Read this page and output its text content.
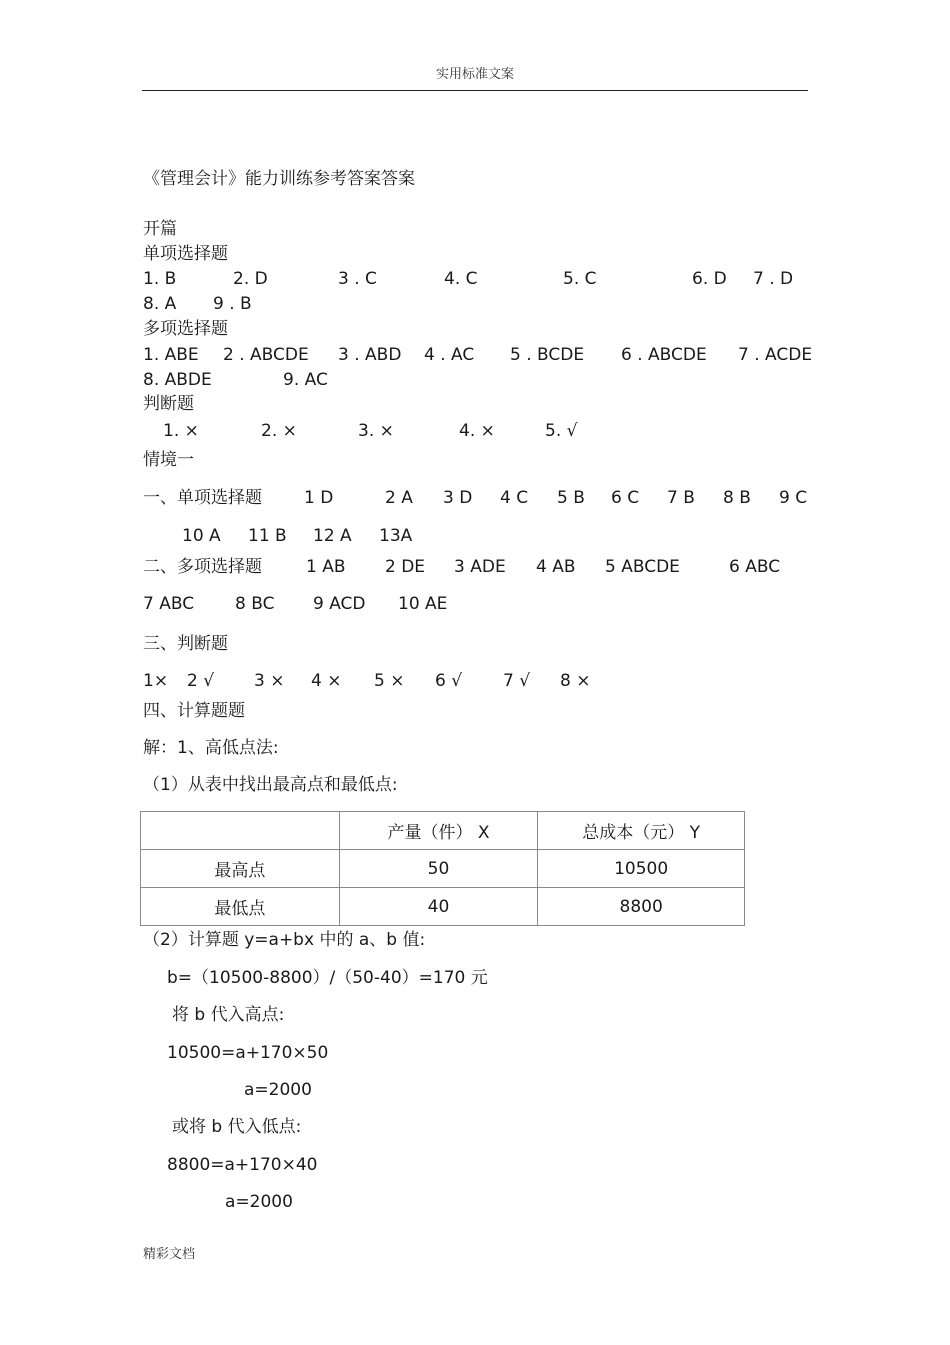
实用标准文案
《管理会计》能力训练参考答案答案
开篇
单项选择题
1. B	2. D	3 . C	4. C	5. C	6. D 7 . D
8. A 9 . B
多项选择题
1. ABE 2 . ABCDE 3 . ABD 4 . AC 5 . BCDE 6 . ABCDE 7 . ACDE
8. ABDE	9. AC
判断题
1. ×	2. ×	3. ×	4. ×	5. √
情境一
一、单项选择题 1 D	2 A 3 D 4 C 5 B 6 C 7 B 8 B 9 C
10 A 11 B 12 A 13A
二、多项选择题	1 AB 2 DE 3 ADE 4 AB 5 ABCDE	6 ABC
7 ABC 8 BC 9 ACD 10 AE
三、判断题
1× 2 √ 3 × 4 × 5 × 6 √ 7 √ 8 ×
四、计算题题
解：1、高低点法:
（1）从表中找出最高点和最低点:
	产量（件） X	总成本（元） Y
最高点	50	10500
最低点	40	8800
（2）计算题 y=a+bx 中的 a、b 值:
b=（10500-8800）/（50-40）=170 元
将 b 代入高点:
10500=a+170×50
a=2000
或将 b 代入低点:
8800=a+170×40
a=2000
精彩文档
